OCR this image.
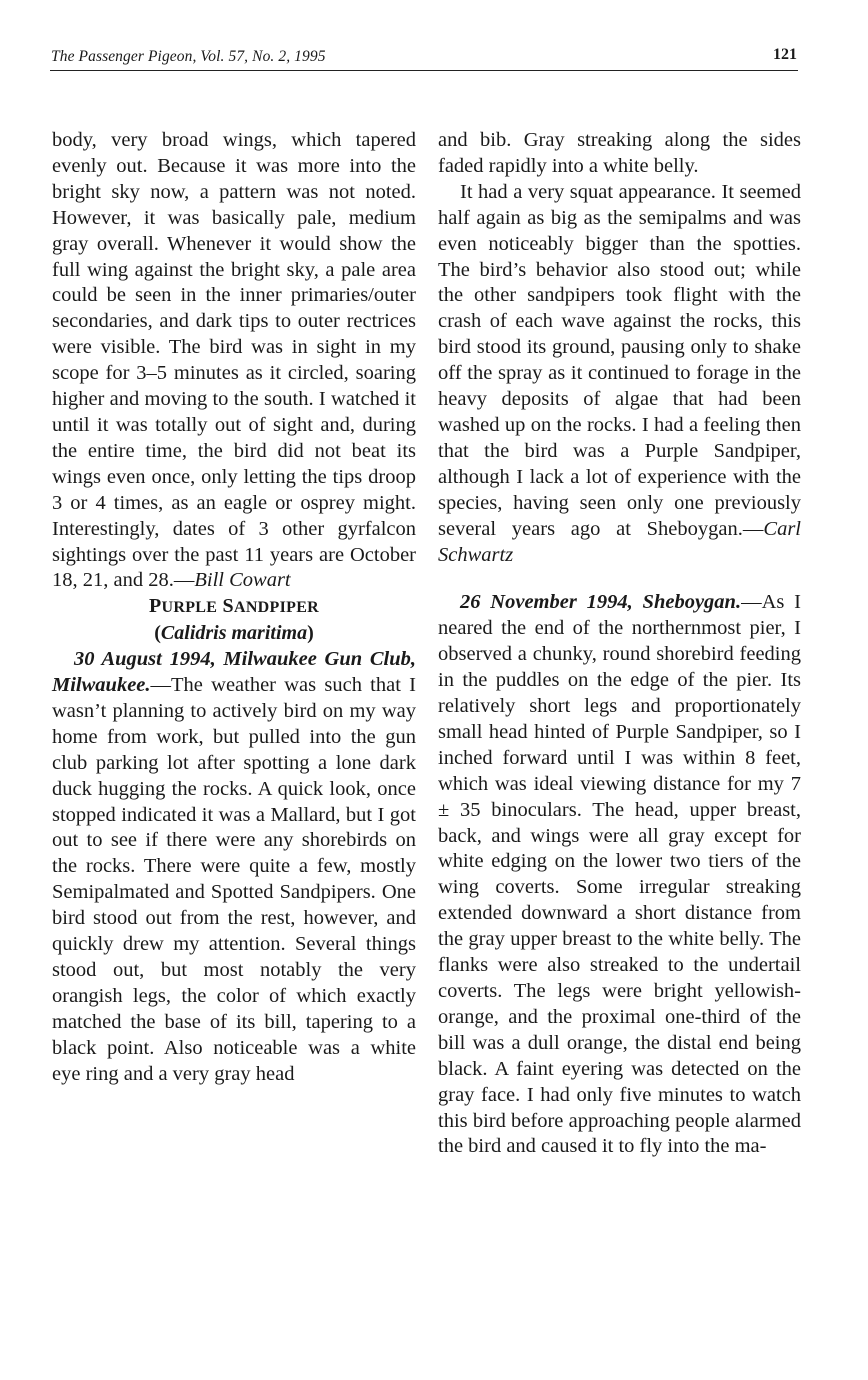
The Passenger Pigeon, Vol. 57, No. 2, 1995	121

body, very broad wings, which tapered evenly out. Because it was more into the bright sky now, a pattern was not noted. However, it was basically pale, medium gray overall. Whenever it would show the full wing against the bright sky, a pale area could be seen in the inner primaries/outer secondaries, and dark tips to outer rectrices were visible. The bird was in sight in my scope for 3–5 minutes as it circled, soaring higher and moving to the south. I watched it until it was totally out of sight and, during the entire time, the bird did not beat its wings even once, only letting the tips droop 3 or 4 times, as an eagle or osprey might. Interestingly, dates of 3 other gyrfalcon sightings over the past 11 years are October 18, 21, and 28.—Bill Cowart

PURPLE SANDPIPER

(Calidris maritima)

30 August 1994, Milwaukee Gun Club, Milwaukee.—The weather was such that I wasn’t planning to actively bird on my way home from work, but pulled into the gun club parking lot after spotting a lone dark duck hugging the rocks. A quick look, once stopped indicated it was a Mallard, but I got out to see if there were any shorebirds on the rocks. There were quite a few, mostly Semipalmated and Spotted Sandpipers. One bird stood out from the rest, however, and quickly drew my attention. Several things stood out, but most notably the very orangish legs, the color of which exactly matched the base of its bill, tapering to a black point. Also noticeable was a white eye ring and a very gray head

and bib. Gray streaking along the sides faded rapidly into a white belly.

It had a very squat appearance. It seemed half again as big as the semipalms and was even noticeably bigger than the spotties. The bird’s behavior also stood out; while the other sandpipers took flight with the crash of each wave against the rocks, this bird stood its ground, pausing only to shake off the spray as it continued to forage in the heavy deposits of algae that had been washed up on the rocks. I had a feeling then that the bird was a Purple Sandpiper, although I lack a lot of experience with the species, having seen only one previously several years ago at Sheboygan.—Carl Schwartz

26 November 1994, Sheboygan.—As I neared the end of the northernmost pier, I observed a chunky, round shorebird feeding in the puddles on the edge of the pier. Its relatively short legs and proportionately small head hinted of Purple Sandpiper, so I inched forward until I was within 8 feet, which was ideal viewing distance for my 7 ± 35 binoculars. The head, upper breast, back, and wings were all gray except for white edging on the lower two tiers of the wing coverts. Some irregular streaking extended downward a short distance from the gray upper breast to the white belly. The flanks were also streaked to the undertail coverts. The legs were bright yellowish-orange, and the proximal one-third of the bill was a dull orange, the distal end being black. A faint eyering was detected on the gray face. I had only five minutes to watch this bird before approaching people alarmed the bird and caused it to fly into the ma-
